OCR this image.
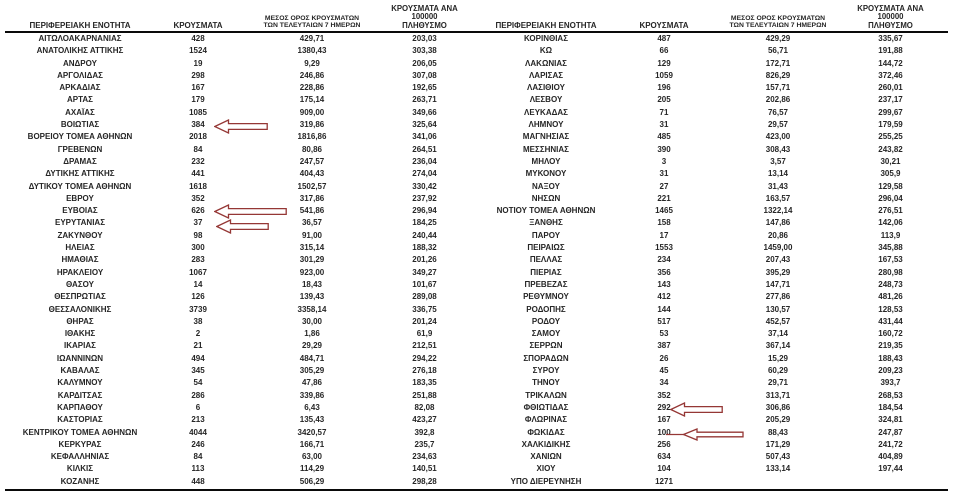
ΠΕΡΙΦΕΡΕΙΑΚΗ ΕΝΟΤΗΤΑ	ΚΡΟΥΣΜΑΤΑ
ΜΕΣΟΣ ΟΡΟΣ ΚΡΟΥΣΜΑΤΩΝ
ΤΩΝ ΤΕΛΕΥΤΑΙΩΝ 7 ΗΜΕΡΩΝ
ΚΡΟΥΣΜΑΤΑ ΑΝΑ 100000
ΠΛΗΘΥΣΜΟ
ΑΙΤΩΛΟΑΚΑΡΝΑΝΙΑΣ	428	429,71	203,03
ΑΝΑΤΟΛΙΚΗΣ ΑΤΤΙΚΗΣ	1524	1380,43	303,38
ΑΝΔΡΟΥ	19	9,29	206,05
ΑΡΓΟΛΙΔΑΣ	298	246,86	307,08
ΑΡΚΑΔΙΑΣ	167	228,86	192,65
ΑΡΤΑΣ	179	175,14	263,71
ΑΧΑΪΑΣ	1085	909,00	349,66
ΒΟΙΩΤΙΑΣ	384	319,86	325,64
ΒΟΡΕΙΟΥ ΤΟΜΕΑ ΑΘΗΝΩΝ	2018	1816,86	341,06
ΓΡΕΒΕΝΩΝ	84	80,86	264,51
ΔΡΑΜΑΣ	232	247,57	236,04
ΔΥΤΙΚΗΣ ΑΤΤΙΚΗΣ	441	404,43	274,04
ΔΥΤΙΚΟΥ ΤΟΜΕΑ ΑΘΗΝΩΝ	1618	1502,57	330,42
ΕΒΡΟΥ	352	317,86	237,92
ΕΥΒΟΙΑΣ	626	541,86	296,94
ΕΥΡΥΤΑΝΙΑΣ	37	36,57	184,25
ΖΑΚΥΝΘΟΥ	98	91,00	240,44
ΗΛΕΙΑΣ	300	315,14	188,32
ΗΜΑΘΙΑΣ	283	301,29	201,26
ΗΡΑΚΛΕΙΟΥ	1067	923,00	349,27
ΘΑΣΟΥ	14	18,43	101,67
ΘΕΣΠΡΩΤΙΑΣ	126	139,43	289,08
ΘΕΣΣΑΛΟΝΙΚΗΣ	3739	3358,14	336,75
ΘΗΡΑΣ	38	30,00	201,24
ΙΘΑΚΗΣ	2	1,86	61,9
ΙΚΑΡΙΑΣ	21	29,29	212,51
ΙΩΑΝΝΙΝΩΝ	494	484,71	294,22
ΚΑΒΑΛΑΣ	345	305,29	276,18
ΚΑΛΥΜΝΟΥ	54	47,86	183,35
ΚΑΡΔΙΤΣΑΣ	286	339,86	251,88
ΚΑΡΠΑΘΟΥ	6	6,43	82,08
ΚΑΣΤΟΡΙΑΣ	213	135,43	423,27
ΚΕΝΤΡΙΚΟΥ ΤΟΜΕΑ ΑΘΗΝΩΝ	4044	3420,57	392,8
ΚΕΡΚΥΡΑΣ	246	166,71	235,7
ΚΕΦΑΛΛΗΝΙΑΣ	84	63,00	234,63
ΚΙΛΚΙΣ	113	114,29	140,51
ΚΟΖΑΝΗΣ	448	506,29	298,28
ΠΕΡΙΦΕΡΕΙΑΚΗ ΕΝΟΤΗΤΑ	ΚΡΟΥΣΜΑΤΑ
ΜΕΣΟΣ ΟΡΟΣ ΚΡΟΥΣΜΑΤΩΝ
ΤΩΝ ΤΕΛΕΥΤΑΙΩΝ 7 ΗΜΕΡΩΝ
ΚΡΟΥΣΜΑΤΑ ΑΝΑ 100000
ΠΛΗΘΥΣΜΟ
ΚΟΡΙΝΘΙΑΣ	487	429,29	335,67
ΚΩ	66	56,71	191,88
ΛΑΚΩΝΙΑΣ	129	172,71	144,72
ΛΑΡΙΣΑΣ	1059	826,29	372,46
ΛΑΣΙΘΙΟΥ	196	157,71	260,01
ΛΕΣΒΟΥ	205	202,86	237,17
ΛΕΥΚΑΔΑΣ	71	76,57	299,67
ΛΗΜΝΟΥ	31	29,57	179,59
ΜΑΓΝΗΣΙΑΣ	485	423,00	255,25
ΜΕΣΣΗΝΙΑΣ	390	308,43	243,82
ΜΗΛΟΥ	3	3,57	30,21
ΜΥΚΟΝΟΥ	31	13,14	305,9
ΝΑΞΟΥ	27	31,43	129,58
ΝΗΣΩΝ	221	163,57	296,04
ΝΟΤΙΟΥ ΤΟΜΕΑ ΑΘΗΝΩΝ	1465	1322,14	276,51
ΞΑΝΘΗΣ	158	147,86	142,06
ΠΑΡΟΥ	17	20,86	113,9
ΠΕΙΡΑΙΩΣ	1553	1459,00	345,88
ΠΕΛΛΑΣ	234	207,43	167,53
ΠΙΕΡΙΑΣ	356	395,29	280,98
ΠΡΕΒΕΖΑΣ	143	147,71	248,73
ΡΕΘΥΜΝΟΥ	412	277,86	481,26
ΡΟΔΟΠΗΣ	144	130,57	128,53
ΡΟΔΟΥ	517	452,57	431,44
ΣΑΜΟΥ	53	37,14	160,72
ΣΕΡΡΩΝ	387	367,14	219,35
ΣΠΟΡΑΔΩΝ	26	15,29	188,43
ΣΥΡΟΥ	45	60,29	209,23
ΤΗΝΟΥ	34	29,71	393,7
ΤΡΙΚΑΛΩΝ	352	313,71	268,53
ΦΘΙΩΤΙΔΑΣ	292	306,86	184,54
ΦΛΩΡΙΝΑΣ	167	205,29	324,81
ΦΩΚΙΔΑΣ	100	88,43	247,87
ΧΑΛΚΙΔΙΚΗΣ	256	171,29	241,72
ΧΑΝΙΩΝ	634	507,43	404,89
ΧΙΟΥ	104	133,14	197,44
ΥΠΟ ΔΙΕΡΕΥΝΗΣΗ	1271
